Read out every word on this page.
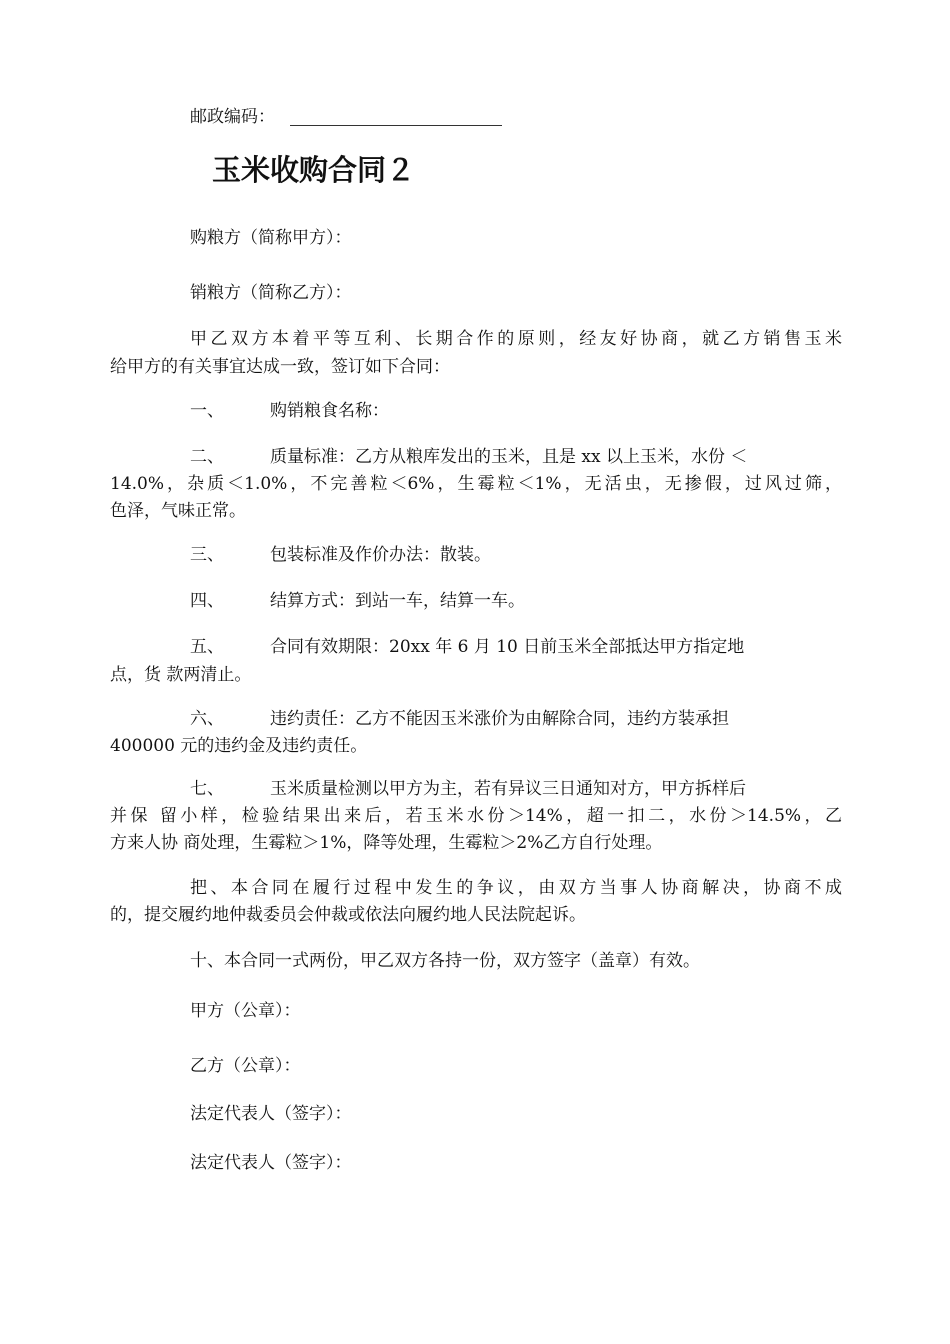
邮政编码：
玉米收购合同２
购粮方（简称甲方）：
销粮方（简称乙方）：
甲乙双方本着平等互利、长期合作的原则，经友好协商，就乙方销售玉米
给甲方的有关事宜达成一致，签订如下合同：
一、	购销粮食名称：
二、	质量标准：乙方从粮库发出的玉米，且是 xx 以上玉米，水份 ＜
14.0%，杂质＜1.0%，不完善粒＜6%，生霉粒＜1%，无活虫，无掺假，过风过筛，
色泽，气味正常。
三、	包装标准及作价办法：散装。
四、	结算方式：到站一车，结算一车。
五、	合同有效期限：20xx 年 6 月 10 日前玉米全部抵达甲方指定地
点，货 款两清止。
六、	违约责任：乙方不能因玉米涨价为由解除合同，违约方装承担
400000 元的违约金及违约责任。
七、	玉米质量检测以甲方为主，若有异议三日通知对方，甲方拆样后
并保 留小样，检验结果出来后，若玉米水份＞14%，超一扣二，水份＞14.5%，乙
方来人协 商处理，生霉粒＞1%，降等处理，生霉粒＞2%乙方自行处理。
把、本合同在履行过程中发生的争议，由双方当事人协商解决，协商不成
的，提交履约地仲裁委员会仲裁或依法向履约地人民法院起诉。
十、本合同一式两份，甲乙双方各持一份，双方签字（盖章）有效。
甲方（公章）：
乙方（公章）：
法定代表人（签字）：
法定代表人（签字）：
